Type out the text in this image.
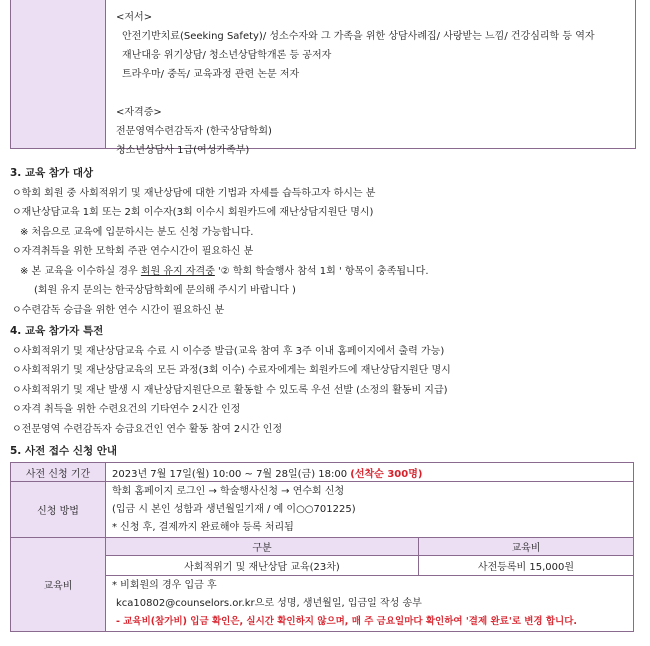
<저서>
안전기반치료(Seeking Safety)/ 성소수자와 그 가족을 위한 상담사례집/ 사랑받는 느낌/ 건강심리학 등 역자
재난대응 위기상담/ 청소년상담학개론 등 공저자
트라우마/ 중독/ 교육과정 관련 논문 저자
<자격증>
전문영역수련감독자 (한국상담학회)
청소년상담사 1급(여성가족부)
3. 교육 참가 대상
ㅇ학회 회원 중 사회적위기 및 재난상담에 대한 기법과 자세를 습득하고자 하시는 분
ㅇ재난상담교육 1회 또는 2회 이수자(3회 이수시 회원카드에 재난상담지원단 명시)
※ 처음으로 교육에 입문하시는 분도 신청 가능합니다.
ㅇ자격취득을 위한 모학회 주관 연수시간이 필요하신 분
※ 본 교육을 이수하실 경우 회원 유지 자격중 '② 학회 학술행사 참석 1회 ' 항목이 충족됩니다.
(회원 유지 문의는 한국상담학회에 문의해 주시기 바랍니다 )
ㅇ수련감독 승급을 위한 연수 시간이 필요하신 분
4. 교육 참가자 특전
ㅇ사회적위기 및 재난상담교육 수료 시 이수증 발급(교육 참여 후 3주 이내 홈페이지에서 출력 가능)
ㅇ사회적위기 및 재난상담교육의 모든 과정(3회 이수) 수료자에게는 회원카드에 재난상담지원단 명시
ㅇ사회적위기 및 재난 발생 시 재난상담지원단으로 활동할 수 있도록 우선 선발 (소정의 활동비 지급)
ㅇ자격 취득을 위한 수련요건의 기타연수 2시간 인정
ㅇ전문영역 수련감독자 승급요건인 연수 활동 참여 2시간 인정
5. 사전 접수 신청 안내
사전 신청 기간	2023년 7월 17일(월) 10:00 ~ 7월 28일(금) 18:00 (선착순 300명)	
신청 방법	학회 홈페이지 로그인 → 학술행사신청 → 연수회 신청
(입금 시 본인 성함과 생년월일기재 / 예 이○○701225)
* 신청 후, 결제까지 완료해야 등록 처리됨	

교육비	구분	교육비
	사회적위기 및 재난상담 교육(23차)	사전등록비 15,000원

	* 비회원의 경우 입금 후
kca10802@counselors.or.kr으로 성명, 생년월일, 입금일 작성 송부
- 교육비(참가비) 입금 확인은, 실시간 확인하지 않으며, 매 주 금요일마다 확인하여 '결제 완료'로 변경 합니다.	
